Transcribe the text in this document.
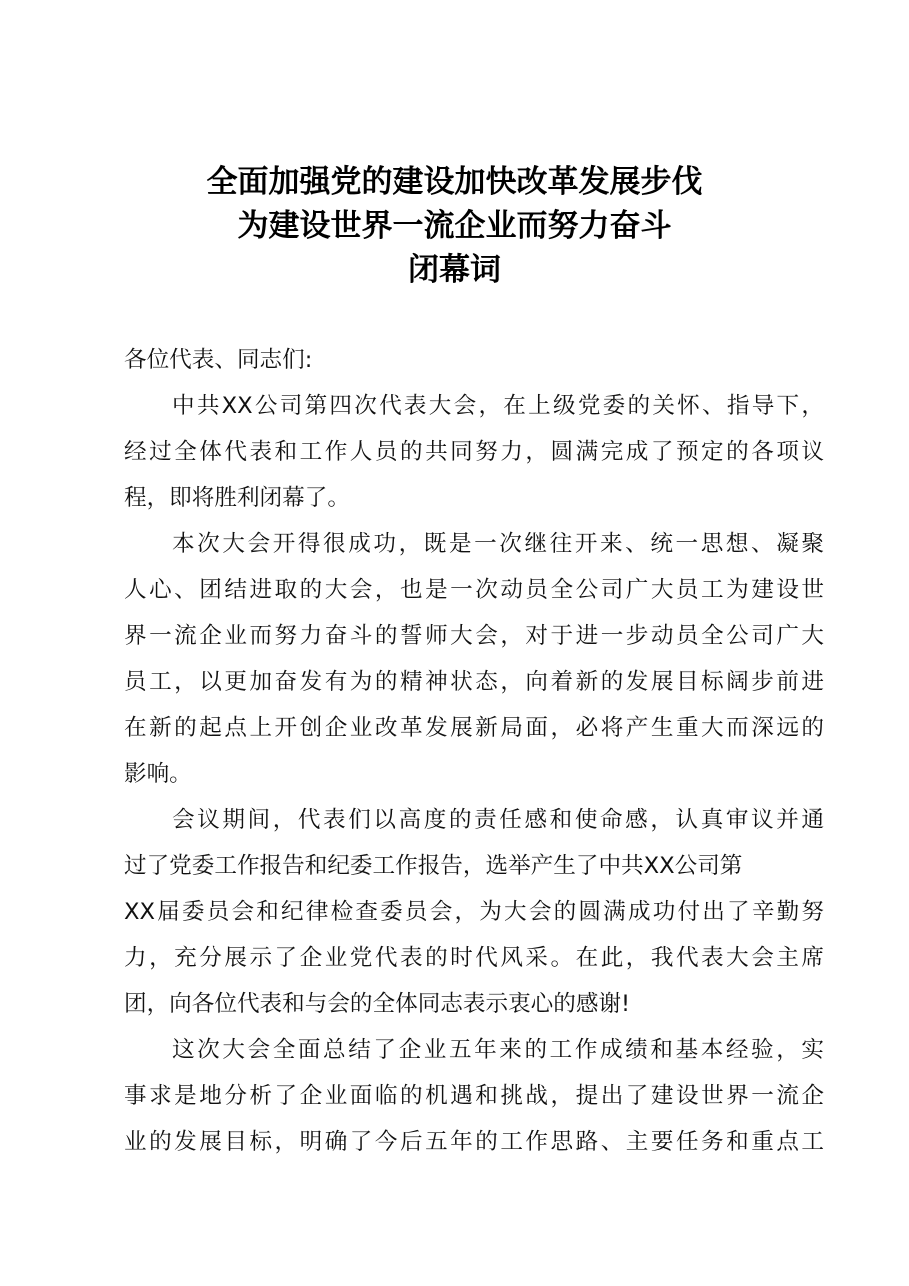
全面加强党的建设加快改革发展步伐
为建设世界一流企业而努力奋斗
闭幕词
各位代表、同志们:
中共XX公司第四次代表大会，在上级党委的关怀、指导下，
经过全体代表和工作人员的共同努力，圆满完成了预定的各项议
程，即将胜利闭幕了。
本次大会开得很成功，既是一次继往开来、统一思想、凝聚
人心、团结进取的大会，也是一次动员全公司广大员工为建设世
界一流企业而努力奋斗的誓师大会，对于进一步动员全公司广大
员工，以更加奋发有为的精神状态，向着新的发展目标阔步前进
在新的起点上开创企业改革发展新局面，必将产生重大而深远的
影响。
会议期间，代表们以高度的责任感和使命感，认真审议并通
过了党委工作报告和纪委工作报告，选举产生了中共XX公司第
XX届委员会和纪律检查委员会，为大会的圆满成功付出了辛勤努
力，充分展示了企业党代表的时代风采。在此，我代表大会主席
团，向各位代表和与会的全体同志表示衷心的感谢!
这次大会全面总结了企业五年来的工作成绩和基本经验，实
事求是地分析了企业面临的机遇和挑战，提出了建设世界一流企
业的发展目标，明确了今后五年的工作思路、主要任务和重点工
